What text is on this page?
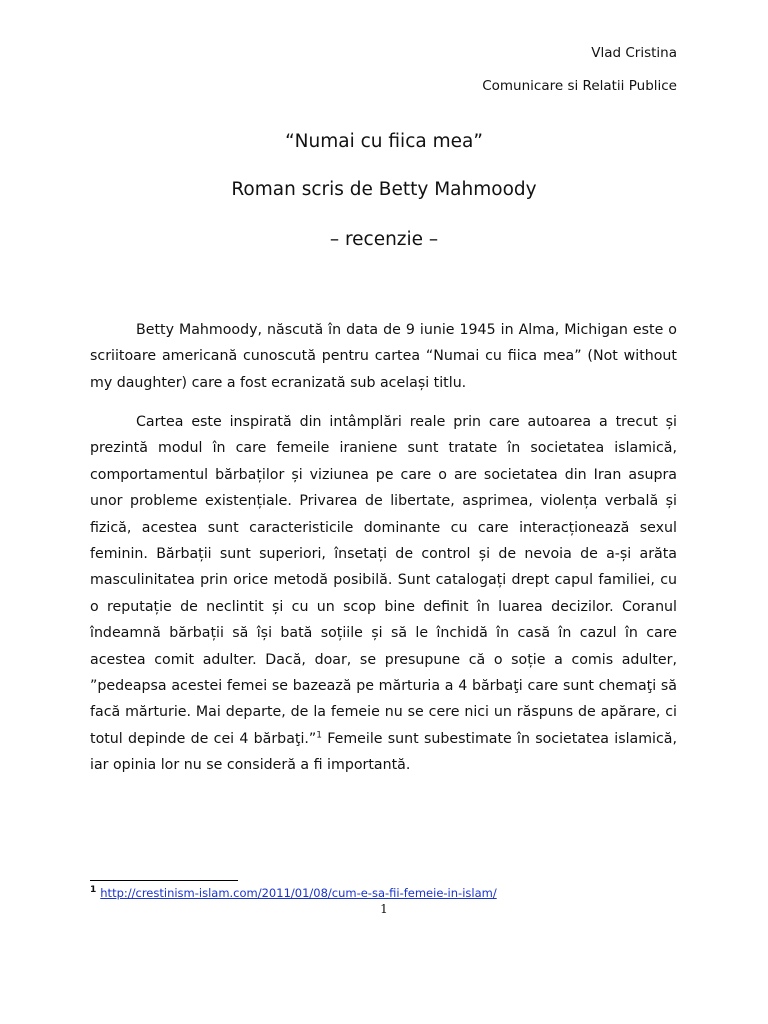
Vlad Cristina
Comunicare si Relatii Publice
“Numai cu fiica mea”
Roman scris de Betty Mahmoody
– recenzie –

Betty Mahmoody, născută în data de 9 iunie 1945 in Alma, Michigan este o scriitoare americană cunoscută pentru cartea “Numai cu fiica mea” (Not without my daughter) care a fost ecranizată sub același titlu.

Cartea este inspirată din intâmplări reale prin care autoarea a trecut și prezintă modul în care femeile iraniene sunt tratate în societatea islamică, comportamentul bărbaților și viziunea pe care o are societatea din Iran asupra unor probleme existențiale. Privarea de libertate, asprimea, violența verbală și fizică, acestea sunt caracteristicile dominante cu care interacționează sexul feminin. Bărbații sunt superiori, însetați de control și de nevoia de a-și arăta masculinitatea prin orice metodă posibilă. Sunt catalogați drept capul familiei, cu o reputație de neclintit și cu un scop bine definit în luarea decizilor. Coranul îndeamnă bărbații să își bată soțiile și să le închidă în casă în cazul în care acestea comit adulter. Dacă, doar, se presupune că o soție a comis adulter, ”pedeapsa acestei femei se bazează pe mărturia a 4 bărbaţi care sunt chemaţi să facă mărturie. Mai departe, de la femeie nu se cere nici un răspuns de apărare, ci totul depinde de cei 4 bărbaţi.”$^1$ Femeile sunt subestimate în societatea islamică, iar opinia lor nu se consideră a fi importantă.

$^1$ http://crestinism-islam.com/2011/01/08/cum-e-sa-fii-femeie-in-islam/
1
